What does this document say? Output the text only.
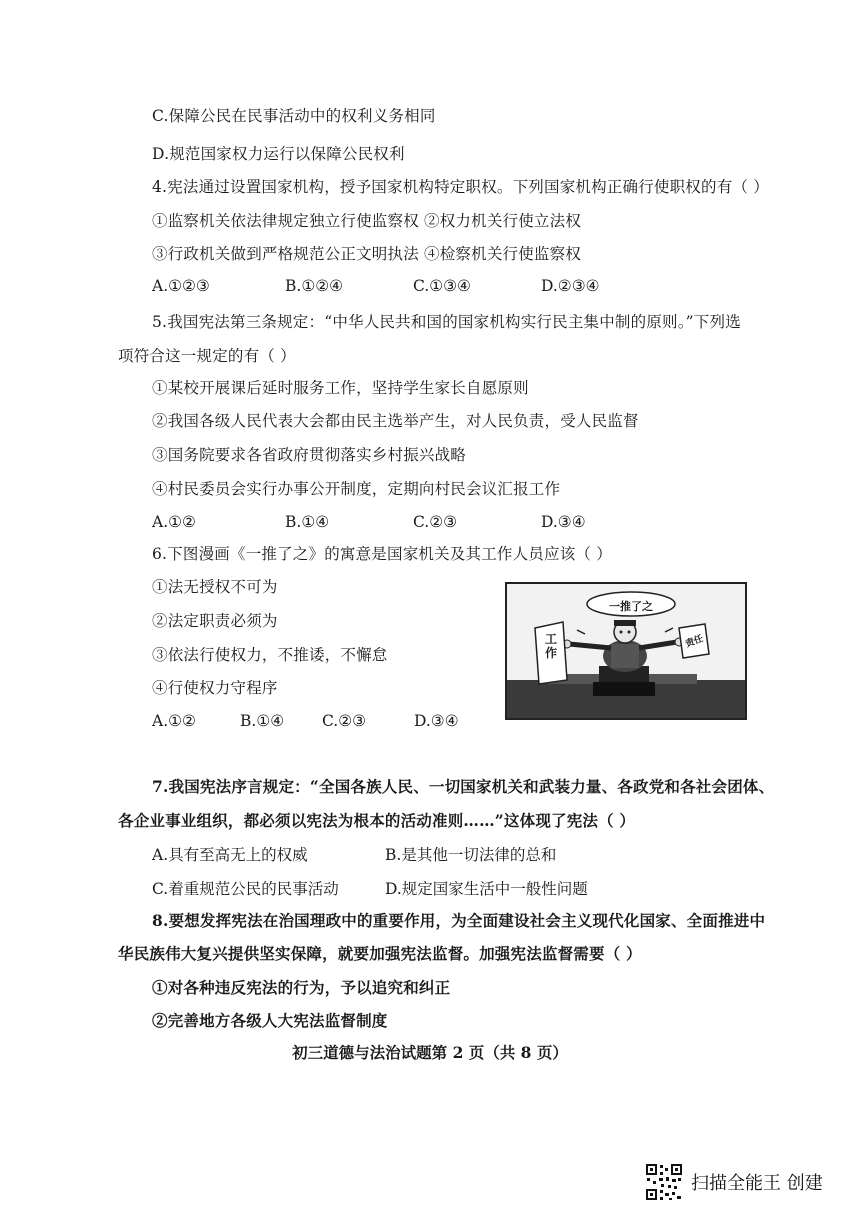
C.保障公民在民事活动中的权利义务相同
D.规范国家权力运行以保障公民权利
4.宪法通过设置国家机构，授予国家机构特定职权。下列国家机构正确行使职权的有（ ）
①监察机关依法律规定独立行使监察权 ②权力机关行使立法权
③行政机关做到严格规范公正文明执法 ④检察机关行使监察权
A.①②③	B.①②④	C.①③④	D.②③④
5.我国宪法第三条规定：“中华人民共和国的国家机构实行民主集中制的原则。”下列选
项符合这一规定的有（ ）
①某校开展课后延时服务工作，坚持学生家长自愿原则
②我国各级人民代表大会都由民主选举产生，对人民负责，受人民监督
③国务院要求各省政府贯彻落实乡村振兴战略
④村民委员会实行办事公开制度，定期向村民会议汇报工作
A.①②	B.①④	C.②③	D.③④
6.下图漫画《一推了之》的寓意是国家机关及其工作人员应该（ ）
①法无授权不可为
②法定职责必须为
③依法行使权力，不推诿，不懈怠
④行使权力守程序
A.①②	B.①④ C.②③	D.③④
一推了之
工作
责任
7.我国宪法序言规定：“全国各族人民、一切国家机关和武装力量、各政党和各社会团体、
各企业事业组织，都必须以宪法为根本的活动准则……”这体现了宪法（ ）
A.具有至高无上的权威	B.是其他一切法律的总和
C.着重规范公民的民事活动	D.规定国家生活中一般性问题
8.要想发挥宪法在治国理政中的重要作用，为全面建设社会主义现代化国家、全面推进中
华民族伟大复兴提供坚实保障，就要加强宪法监督。加强宪法监督需要（ ）
①对各种违反宪法的行为，予以追究和纠正
②完善地方各级人大宪法监督制度
初三道德与法治试题第 2 页（共 8 页）
扫描全能王 创建
